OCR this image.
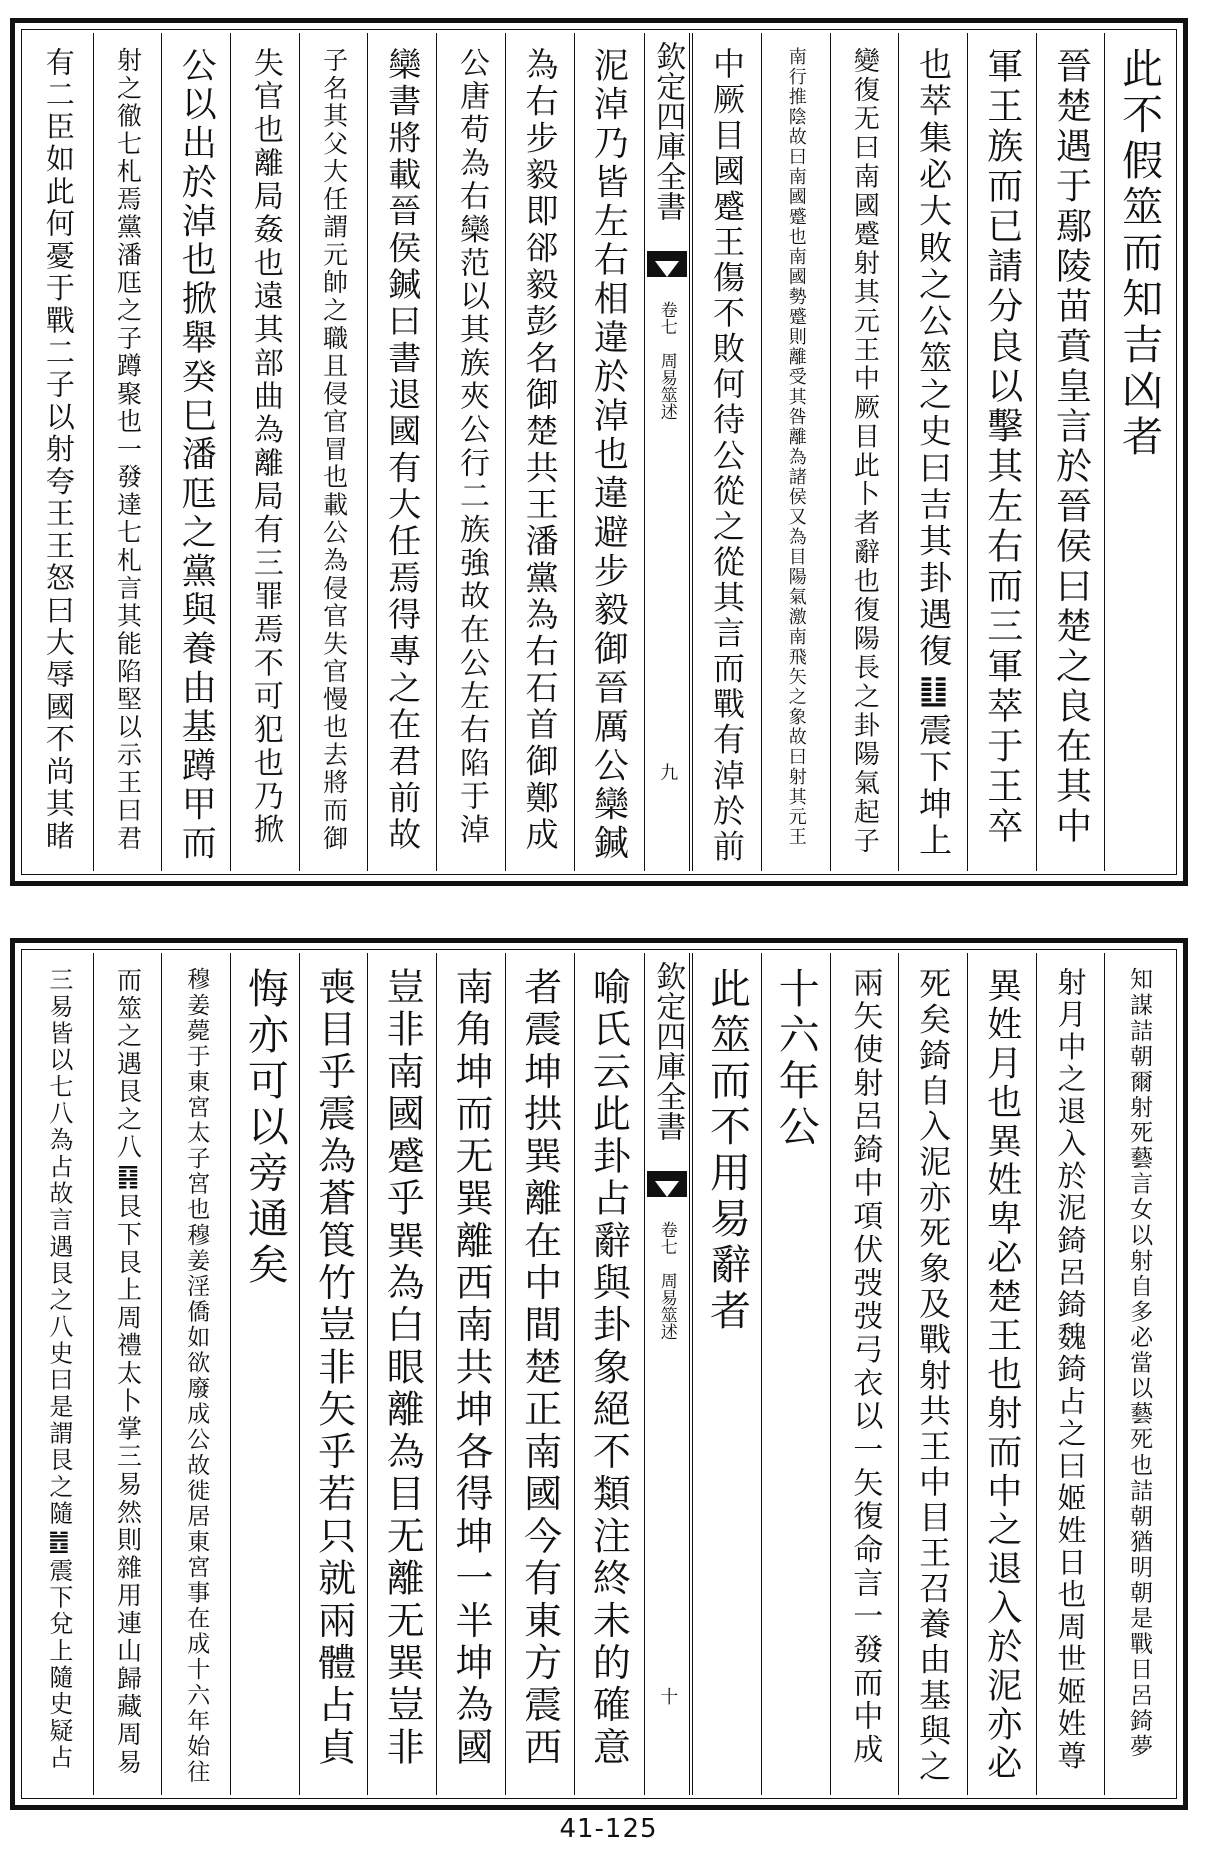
此不假筮而知吉凶者
晉楚遇于鄢陵苗賁皇言於晉侯曰楚之良在其中
軍王族而已請分良以擊其左右而三軍萃于王卒
也萃集必大敗之公筮之史曰吉其卦遇復䷗震下坤上
變復无曰南國蹙射其元王中厥目此卜者辭也復陽長之卦陽氣起子
南行推陰故曰南國蹙也南國勢蹙則離受其咎離為諸侯又為目陽氣激南飛矢之象故曰射其元王
中厥目國蹙王傷不敗何待公從之從其言而戰有淖於前
欽定四庫全書
卷七　周易筮述
九
泥淖乃皆左右相違於淖也違避步毅御晉厲公欒鍼
為右步毅即郤毅彭名御楚共王潘黨為右石首御鄭成
公唐苟為右欒范以其族夾公行二族強故在公左右陷于淖
欒書將載晉侯鍼曰書退國有大任焉得專之在君前故
子名其父大任謂元帥之職且侵官冒也載公為侵官失官慢也去將而御
失官也離局姦也遠其部曲為離局有三罪焉不可犯也乃掀
公以出於淖也掀舉癸巳潘尫之黨與養由基蹲甲而
射之徹七札焉黨潘尫之子蹲聚也一發達七札言其能陷堅以示王曰君
有二臣如此何憂于戰二子以射夸王王怒曰大辱國不尚其睹
知謀詰朝爾射死藝言女以射自多必當以藝死也詰朝猶明朝是戰日呂錡夢
射月中之退入於泥錡呂錡魏錡占之曰姬姓日也周世姬姓尊
異姓月也異姓卑必楚王也射而中之退入於泥亦必
死矣錡自入泥亦死象及戰射共王中目王召養由基與之
兩矢使射呂錡中項伏弢弢弓衣以一矢復命言一發而中成
十六年公
此筮而不用易辭者
欽定四庫全書
卷七　周易筮述
十
喻氏云此卦占辭與卦象絕不類注終未的確意
者震坤拱巽離在中間楚正南國今有東方震西
南角坤而无巽離西南共坤各得坤一半坤為國
豈非南國蹙乎巽為白眼離為目无離无巽豈非
喪目乎震為蒼筤竹豈非矢乎若只就兩體占貞
悔亦可以旁通矣
穆姜薨于東宮太子宮也穆姜淫僑如欲廢成公故徙居東宮事在成十六年始往
而筮之遇艮之八䷳艮下艮上周禮太卜掌三易然則雜用連山歸藏周易
三易皆以七八為占故言遇艮之八史曰是謂艮之隨䷐震下兌上隨史疑占
41-125
